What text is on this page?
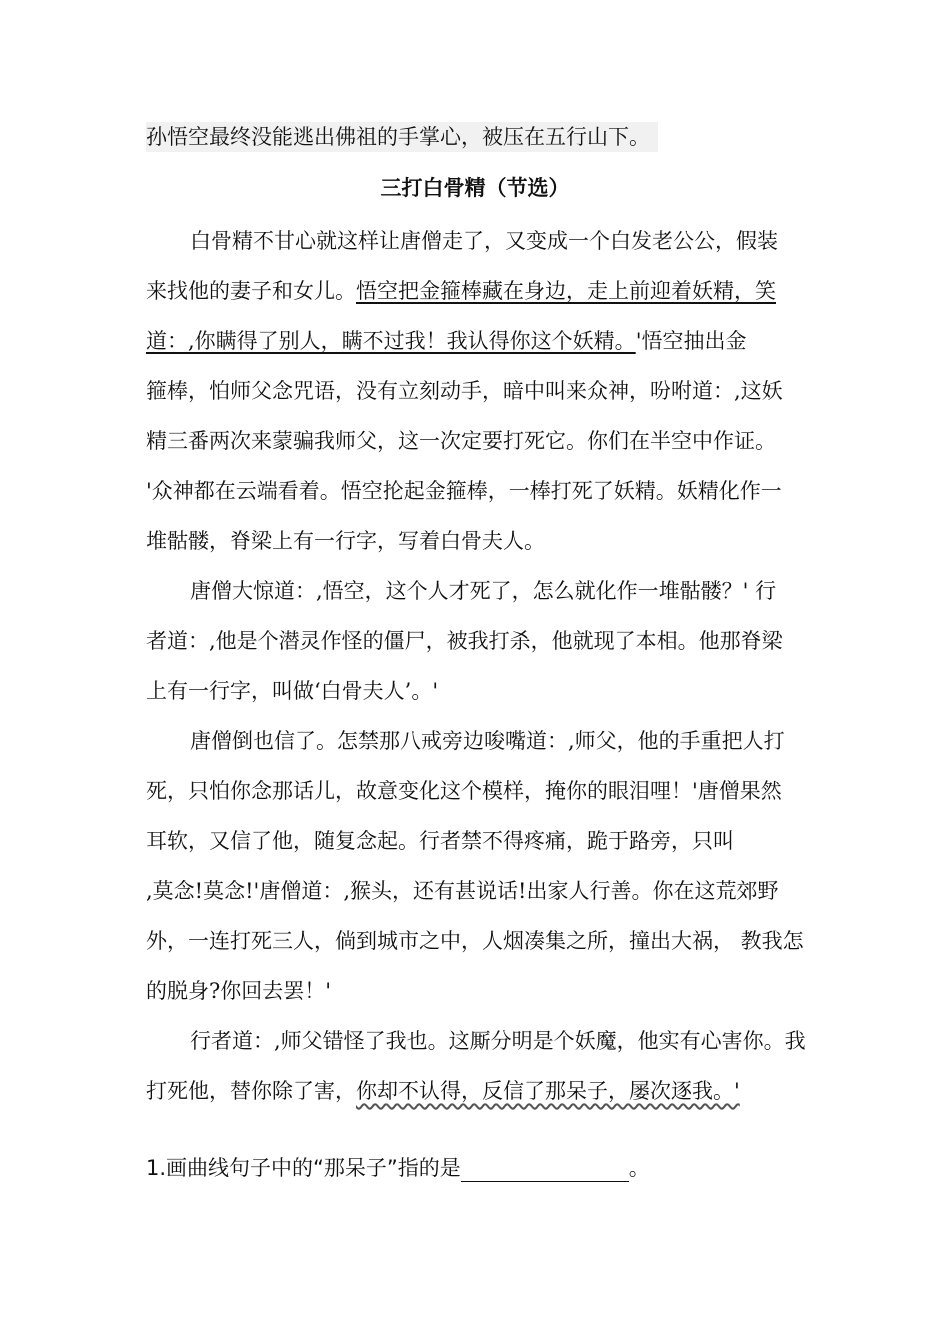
孙悟空最终没能逃出佛祖的手掌心，被压在五行山下。
三打白骨精（节选）
白骨精不甘心就这样让唐僧走了，又变成一个白发老公公，假装
来找他的妻子和女儿。悟空把金箍棒藏在身边，走上前迎着妖精，笑
道：,你瞒得了别人，瞒不过我！我认得你这个妖精。'悟空抽出金
箍棒，怕师父念咒语，没有立刻动手，暗中叫来众神，吩咐道：,这妖
精三番两次来蒙骗我师父，这一次定要打死它。你们在半空中作证。
'众神都在云端看着。悟空抡起金箍棒，一棒打死了妖精。妖精化作一
堆骷髅，脊梁上有一行字，写着白骨夫人。
唐僧大惊道：,悟空，这个人才死了，怎么就化作一堆骷髅？' 行
者道：,他是个潜灵作怪的僵尸，被我打杀，他就现了本相。他那脊梁
上有一行字，叫做‘白骨夫人’。'
唐僧倒也信了。怎禁那八戒旁边唆嘴道：,师父，他的手重把人打
死，只怕你念那话儿，故意变化这个模样，掩你的眼泪哩！'唐僧果然
耳软，又信了他，随复念起。行者禁不得疼痛，跪于路旁，只叫
,莫念!莫念!'唐僧道：,猴头，还有甚说话!出家人行善。你在这荒郊野
外，一连打死三人，倘到城市之中，人烟凑集之所，撞出大祸， 教我怎
的脱身?你回去罢！'
行者道：,师父错怪了我也。这厮分明是个妖魔，他实有心害你。我
打死他，替你除了害，你却不认得，反信了那呆子，屡次逐我。'
1.画曲线句子中的“那呆子”指的是	。
